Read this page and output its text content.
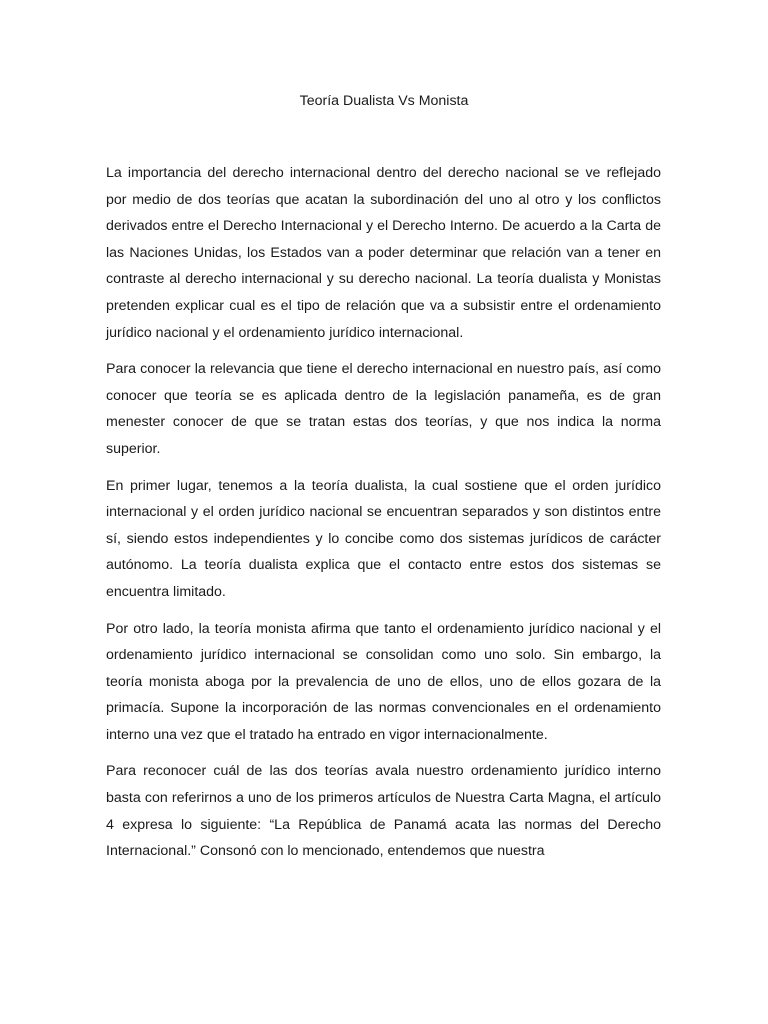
Teoría Dualista Vs Monista

La importancia del derecho internacional dentro del derecho nacional se ve reflejado por medio de dos teorías que acatan la subordinación del uno al otro y los conflictos derivados entre el Derecho Internacional y el Derecho Interno. De acuerdo a la Carta de las Naciones Unidas, los Estados van a poder determinar que relación van a tener en contraste al derecho internacional y su derecho nacional. La teoría dualista y Monistas pretenden explicar cual es el tipo de relación que va a subsistir entre el ordenamiento jurídico nacional y el ordenamiento jurídico internacional.

Para conocer la relevancia que tiene el derecho internacional en nuestro país, así como conocer que teoría se es aplicada dentro de la legislación panameña, es de gran menester conocer de que se tratan estas dos teorías, y que nos indica la norma superior.

En primer lugar, tenemos a la teoría dualista, la cual sostiene que el orden jurídico internacional y el orden jurídico nacional se encuentran separados y son distintos entre sí, siendo estos independientes y lo concibe como dos sistemas jurídicos de carácter autónomo. La teoría dualista explica que el contacto entre estos dos sistemas se encuentra limitado.

Por otro lado, la teoría monista afirma que tanto el ordenamiento jurídico nacional y el ordenamiento jurídico internacional se consolidan como uno solo. Sin embargo, la teoría monista aboga por la prevalencia de uno de ellos, uno de ellos gozara de la primacía. Supone la incorporación de las normas convencionales en el ordenamiento interno una vez que el tratado ha entrado en vigor internacionalmente.

Para reconocer cuál de las dos teorías avala nuestro ordenamiento jurídico interno basta con referirnos a uno de los primeros artículos de Nuestra Carta Magna, el artículo 4 expresa lo siguiente: “La República de Panamá acata las normas del Derecho Internacional.” Consonó con lo mencionado, entendemos que nuestra
